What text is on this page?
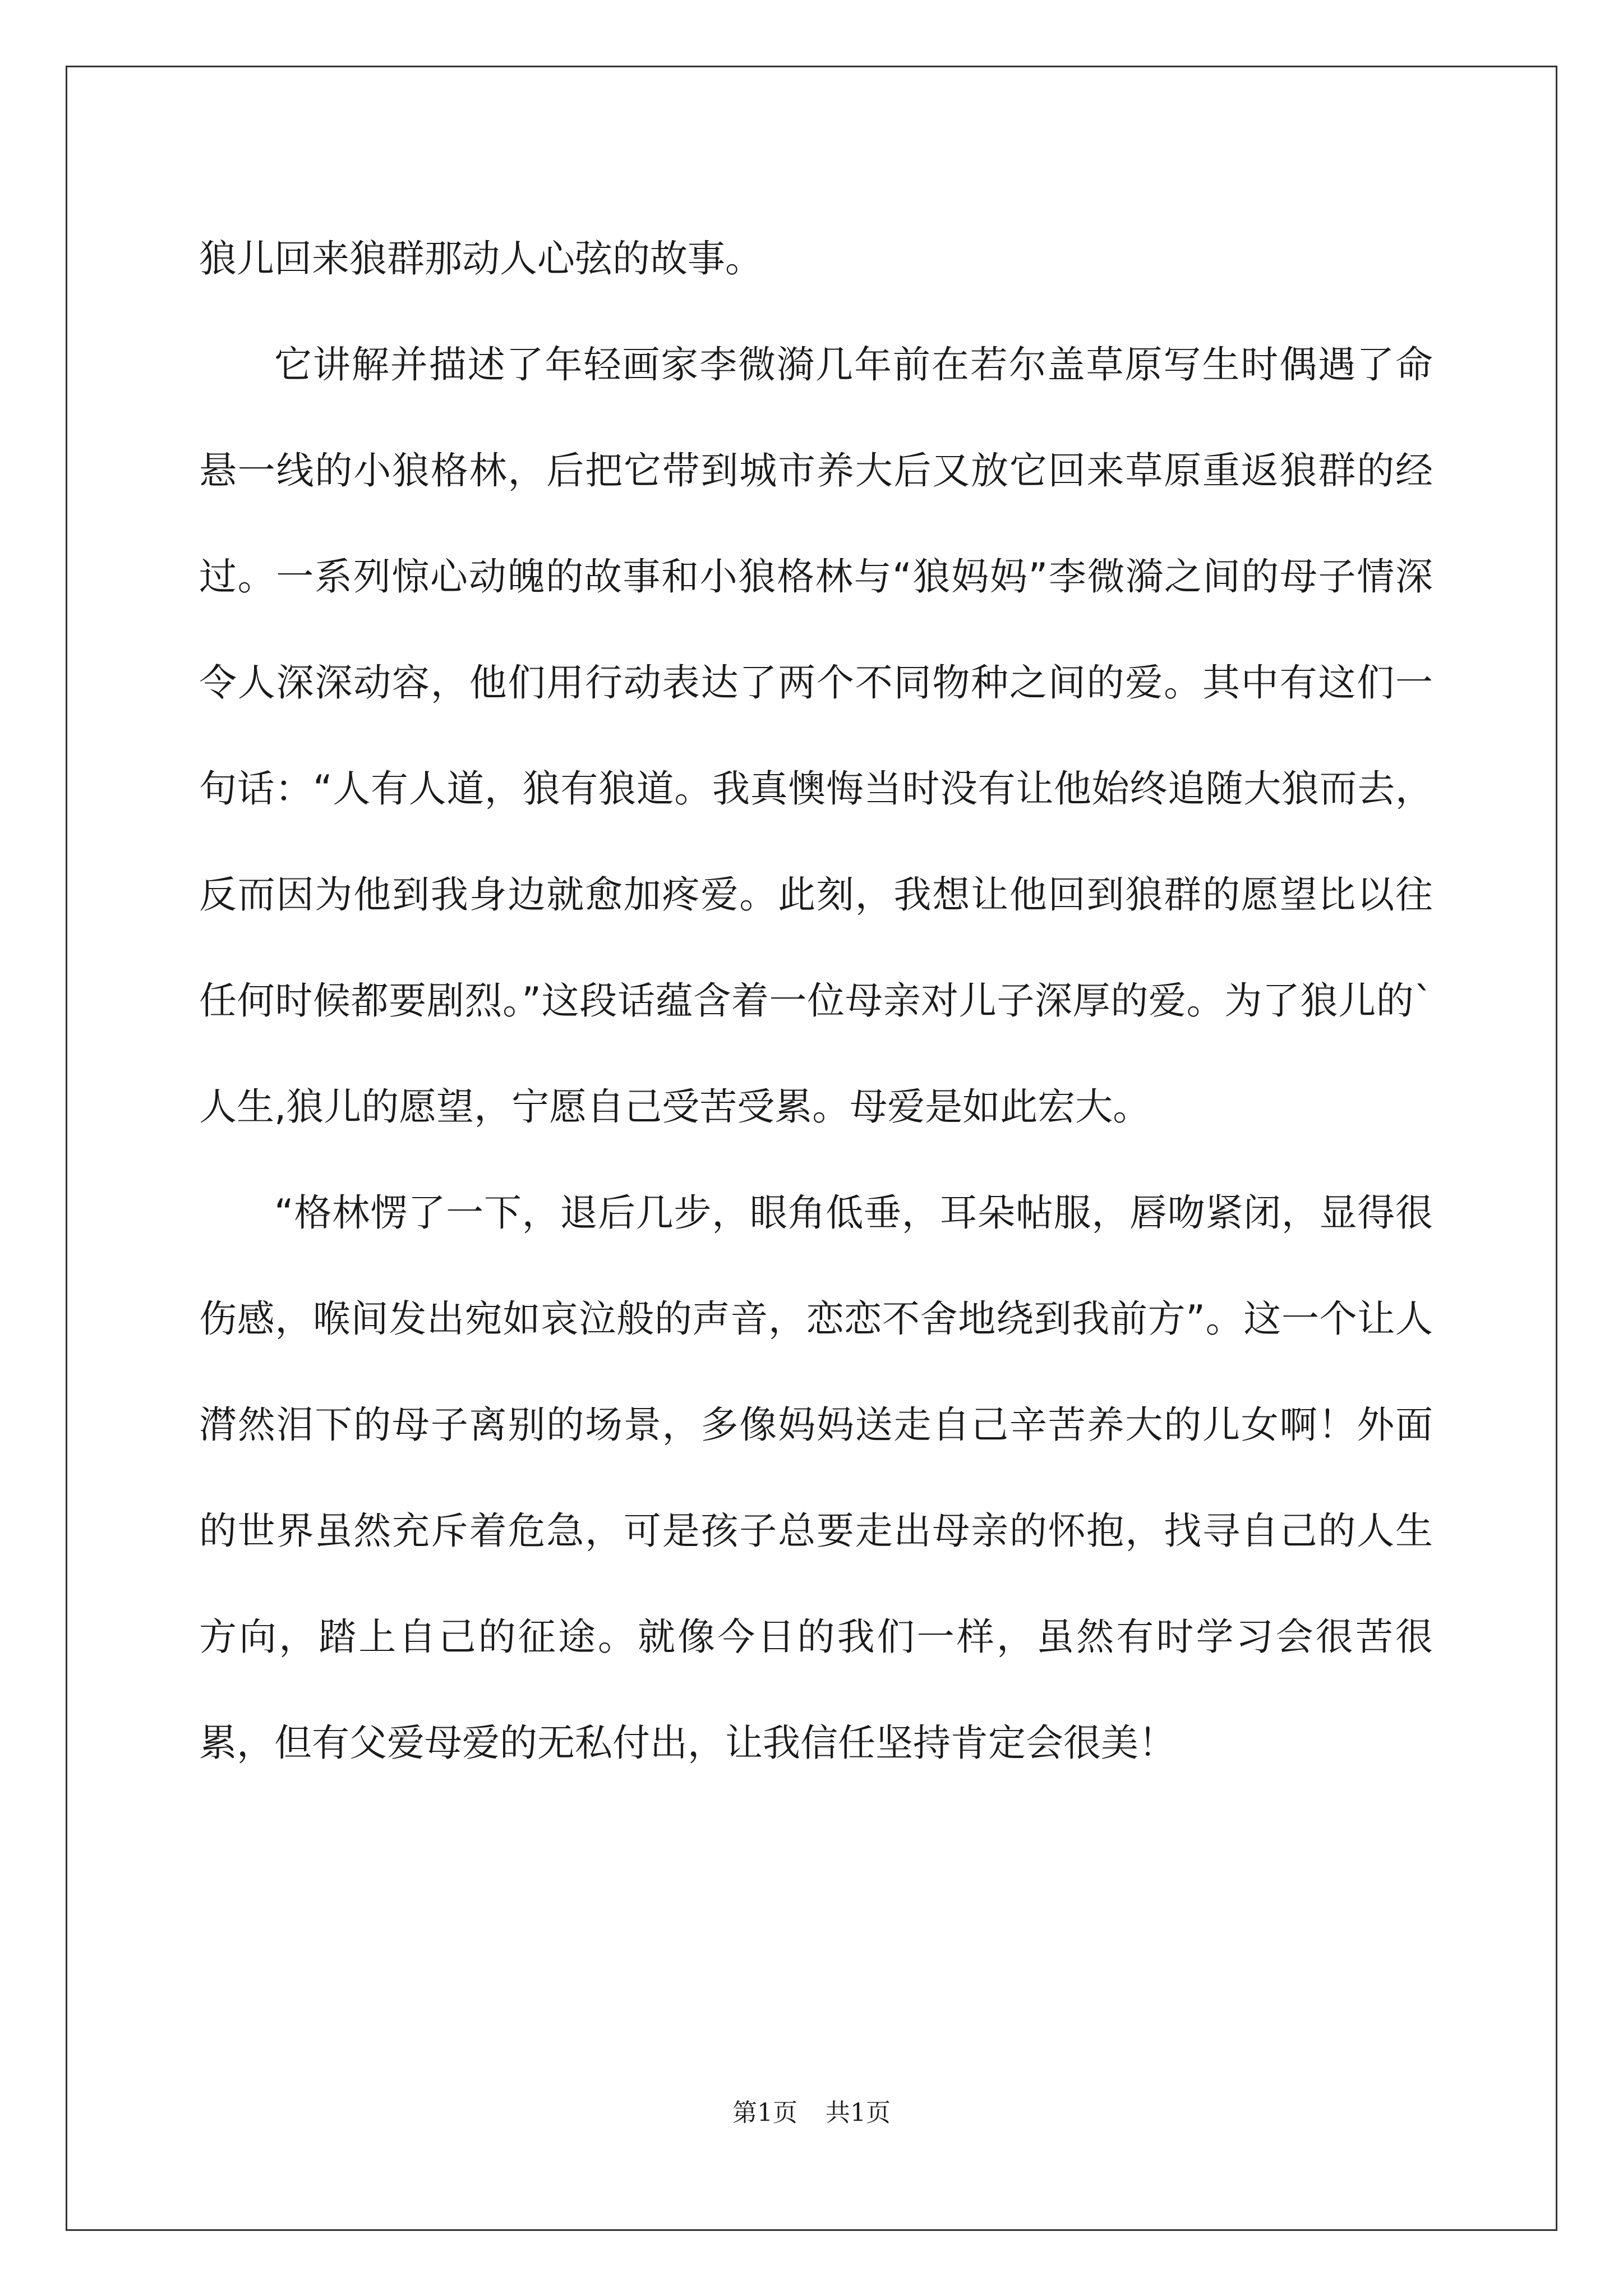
狼儿回来狼群那动人心弦的故事。

它讲解并描述了年轻画家李微漪几年前在若尔盖草原写生时偶遇了命悬一线的小狼格林，后把它带到城市养大后又放它回来草原重返狼群的经过。一系列惊心动魄的故事和小狼格林与“狼妈妈”李微漪之间的母子情深令人深深动容，他们用行动表达了两个不同物种之间的爱。其中有这们一句话：“人有人道，狼有狼道。我真懊悔当时没有让他始终追随大狼而去，反而因为他到我身边就愈加疼爱。此刻，我想让他回到狼群的愿望比以往任何时候都要剧烈。”这段话蕴含着一位母亲对儿子深厚的爱。为了狼儿的`人生,狼儿的愿望，宁愿自己受苦受累。母爱是如此宏大。

“格林愣了一下，退后几步，眼角低垂，耳朵帖服，唇吻紧闭，显得很伤感，喉间发出宛如哀泣般的声音，恋恋不舍地绕到我前方”。这一个让人潸然泪下的母子离别的场景，多像妈妈送走自己辛苦养大的儿女啊！外面的世界虽然充斥着危急，可是孩子总要走出母亲的怀抱，找寻自己的人生方向，踏上自己的征途。就像今日的我们一样，虽然有时学习会很苦很累，但有父爱母爱的无私付出，让我信任坚持肯定会很美！

第1页 共1页
